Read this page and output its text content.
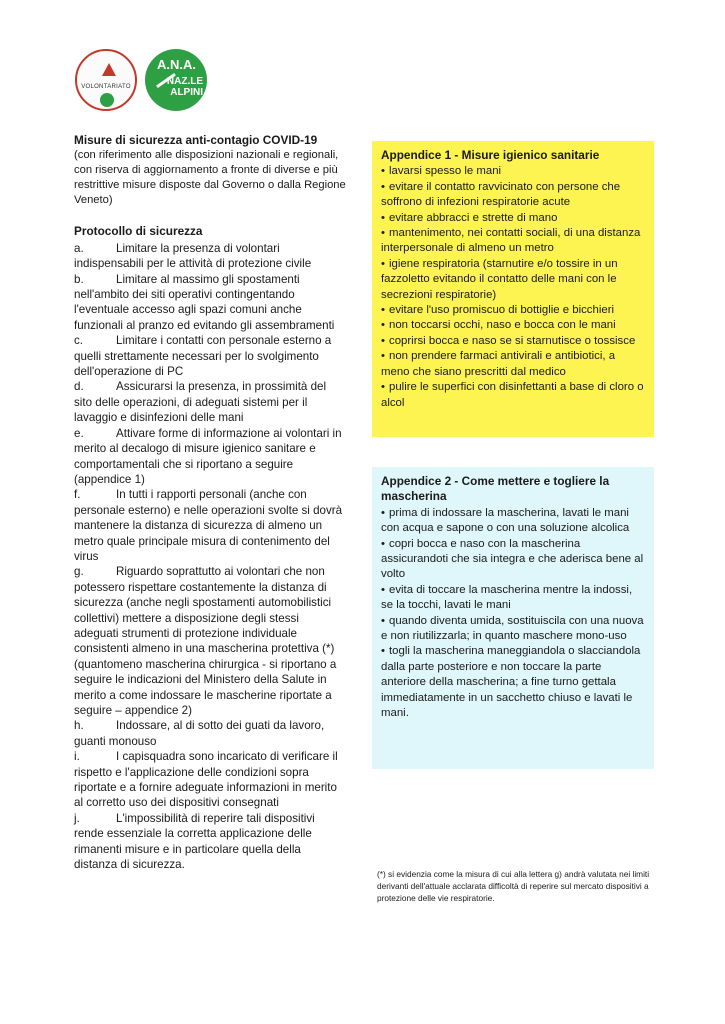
VOLONTARIATO
A.N.A.
NAZ.LE
ALPINI
Misure di sicurezza anti-contagio COVID-19
(con riferimento alle disposizioni nazionali e regionali, con riserva di aggiornamento a fronte di diverse e più restrittive misure disposte dal Governo o dalla Regione Veneto)
Protocollo di sicurezza
a.	Limitare la presenza di volontari indispensabili per le attività di protezione civile
b.	Limitare al massimo gli spostamenti nell'ambito dei siti operativi contingentando l'eventuale accesso agli spazi comuni anche funzionali al pranzo ed evitando gli assembramenti
c.	Limitare i contatti con personale esterno a quelli strettamente necessari per lo svolgimento dell'operazione di PC
d.	Assicurarsi la presenza, in prossimità del sito delle operazioni, di adeguati sistemi per il lavaggio e disinfezioni delle mani
e.	Attivare forme di informazione ai volontari in merito al decalogo di misure igienico sanitare e comportamentali che si riportano a seguire (appendice 1)
f.	In tutti i rapporti personali (anche con personale esterno) e nelle operazioni svolte si dovrà mantenere la distanza di sicurezza di almeno un metro quale principale misura di contenimento del virus
g.	Riguardo soprattutto ai volontari che non potessero rispettare costantemente la distanza di sicurezza (anche negli spostamenti automobilistici collettivi) mettere a disposizione degli stessi adeguati strumenti di protezione individuale consistenti almeno in una mascherina protettiva (*) (quantomeno mascherina chirurgica - si riportano a seguire le indicazioni del Ministero della Salute in merito a come indossare le mascherine riportate a seguire – appendice 2)
h.	Indossare, al di sotto dei guati da lavoro, guanti monouso
i.	I capisquadra sono incaricato di verificare il rispetto e l'applicazione delle condizioni sopra riportate e a fornire adeguate informazioni in merito al corretto uso dei dispositivi consegnati
j.	L'impossibilità di reperire tali dispositivi rende essenziale la corretta applicazione delle rimanenti misure e in particolare quella della distanza di sicurezza.
Appendice 1 - Misure igienico sanitarie
• lavarsi spesso le mani
• evitare il contatto ravvicinato con persone che soffrono di infezioni respiratorie acute
• evitare abbracci e strette di mano
• mantenimento, nei contatti sociali, di una distanza interpersonale di almeno un metro
• igiene respiratoria (starnutire e/o tossire in un fazzoletto evitando il contatto delle mani con le secrezioni respiratorie)
• evitare l'uso promiscuo di bottiglie e bicchieri
• non toccarsi occhi, naso e bocca con le mani
• coprirsi bocca e naso se si starnutisce o tossisce
• non prendere farmaci antivirali e antibiotici, a meno che siano prescritti dal medico
• pulire le superfici con disinfettanti a base di cloro o alcol
Appendice 2 - Come mettere e togliere la mascherina
• prima di indossare la mascherina, lavati le mani con acqua e sapone o con una soluzione alcolica
• copri bocca e naso con la mascherina assicurandoti che sia integra e che aderisca bene al volto
• evita di toccare la mascherina mentre la indossi, se la tocchi, lavati le mani
• quando diventa umida, sostituiscila con una nuova e non riutilizzarla; in quanto maschere mono-uso
• togli la mascherina maneggiandola o slacciandola dalla parte posteriore e non toccare la parte anteriore della mascherina; a fine turno gettala immediatamente in un sacchetto chiuso e lavati le mani.
(*) si evidenzia come la misura di cui alla lettera g) andrà valutata nei limiti derivanti dell'attuale acclarata difficoltà di reperire sul mercato dispositivi a protezione delle vie respiratorie.
